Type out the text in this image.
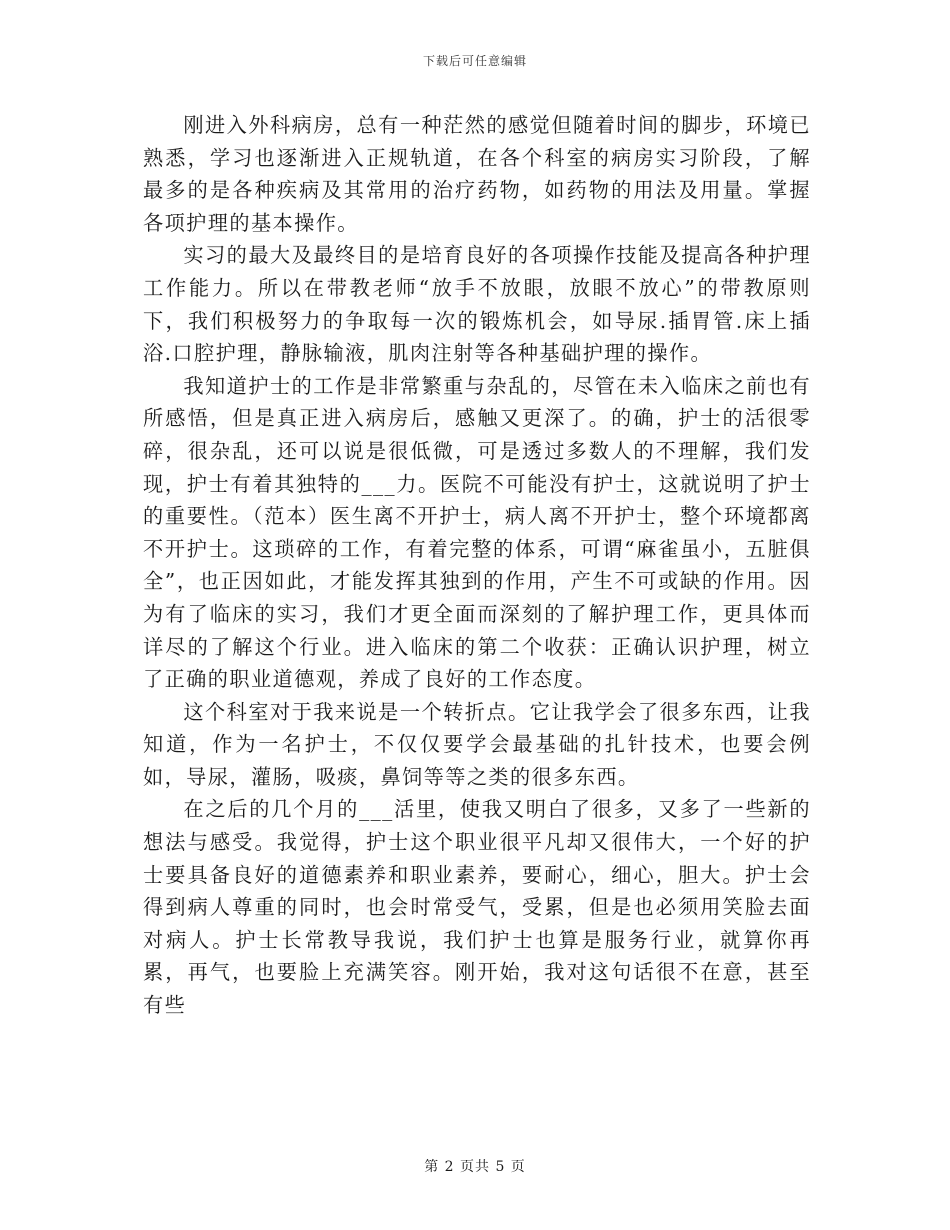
下载后可任意编辑

刚进入外科病房，总有一种茫然的感觉但随着时间的脚步，环境已熟悉，学习也逐渐进入正规轨道，在各个科室的病房实习阶段，了解最多的是各种疾病及其常用的治疗药物，如药物的用法及用量。掌握各项护理的基本操作。

实习的最大及最终目的是培育良好的各项操作技能及提高各种护理工作能力。所以在带教老师“放手不放眼，放眼不放心”的带教原则下，我们积极努力的争取每一次的锻炼机会，如导尿.插胃管.床上插浴.口腔护理，静脉输液，肌肉注射等各种基础护理的操作。

我知道护士的工作是非常繁重与杂乱的，尽管在未入临床之前也有所感悟，但是真正进入病房后，感触又更深了。的确，护士的活很零碎，很杂乱，还可以说是很低微，可是透过多数人的不理解，我们发现，护士有着其独特的___力。医院不可能没有护士，这就说明了护士的重要性。（范本）医生离不开护士，病人离不开护士，整个环境都离不开护士。这琐碎的工作，有着完整的体系，可谓“麻雀虽小，五脏俱全”，也正因如此，才能发挥其独到的作用，产生不可或缺的作用。因为有了临床的实习，我们才更全面而深刻的了解护理工作，更具体而详尽的了解这个行业。进入临床的第二个收获：正确认识护理，树立了正确的职业道德观，养成了良好的工作态度。

这个科室对于我来说是一个转折点。它让我学会了很多东西，让我知道，作为一名护士，不仅仅要学会最基础的扎针技术，也要会例如，导尿，灌肠，吸痰，鼻饲等等之类的很多东西。

在之后的几个月的___活里，使我又明白了很多，又多了一些新的想法与感受。我觉得，护士这个职业很平凡却又很伟大，一个好的护士要具备良好的道德素养和职业素养，要耐心，细心，胆大。护士会得到病人尊重的同时，也会时常受气，受累，但是也必须用笑脸去面对病人。护士长常教导我说，我们护士也算是服务行业，就算你再累，再气，也要脸上充满笑容。刚开始，我对这句话很不在意，甚至有些

第 2 页共 5 页
